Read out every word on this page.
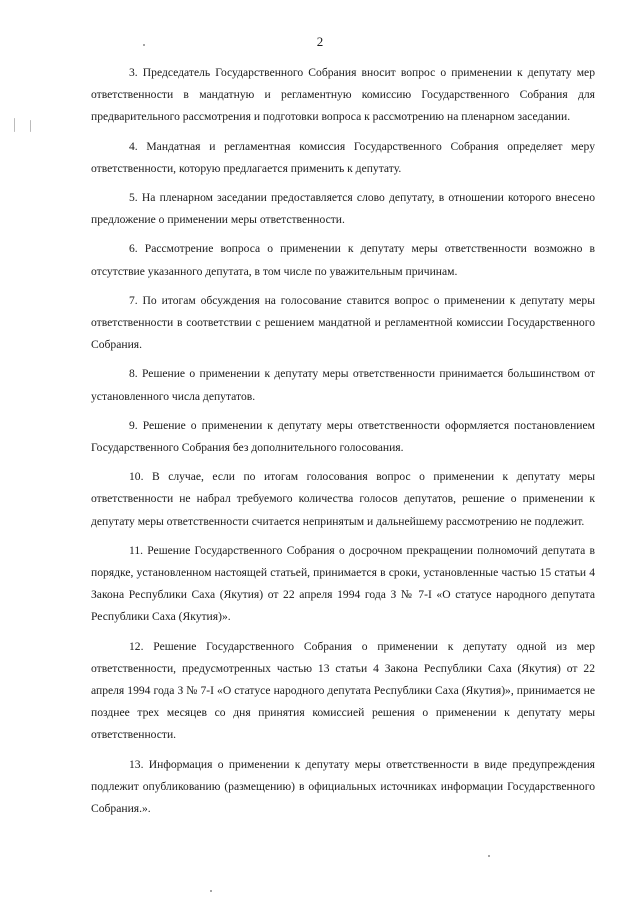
2

3. Председатель Государственного Собрания вносит вопрос о применении к депутату мер ответственности в мандатную и регламентную комиссию Государственного Собрания для предварительного рассмотрения и подготовки вопроса к рассмотрению на пленарном заседании.

4. Мандатная и регламентная комиссия Государственного Собрания определяет меру ответственности, которую предлагается применить к депутату.

5. На пленарном заседании предоставляется слово депутату, в отношении которого внесено предложение о применении меры ответственности.

6. Рассмотрение вопроса о применении к депутату меры ответственности возможно в отсутствие указанного депутата, в том числе по уважительным причинам.

7. По итогам обсуждения на голосование ставится вопрос о применении к депутату меры ответственности в соответствии с решением мандатной и регламентной комиссии Государственного Собрания.

8. Решение о применении к депутату меры ответственности принимается большинством от установленного числа депутатов.

9. Решение о применении к депутату меры ответственности оформляется постановлением Государственного Собрания без дополнительного голосования.

10. В случае, если по итогам голосования вопрос о применении к депутату меры ответственности не набрал требуемого количества голосов депутатов, решение о применении к депутату меры ответственности считается непринятым и дальнейшему рассмотрению не подлежит.

11. Решение Государственного Собрания о досрочном прекращении полномочий депутата в порядке, установленном настоящей статьей, принимается в сроки, установленные частью 15 статьи 4 Закона Республики Саха (Якутия) от 22 апреля 1994 года З № 7-I «О статусе народного депутата Республики Саха (Якутия)».

12. Решение Государственного Собрания о применении к депутату одной из мер ответственности, предусмотренных частью 13 статьи 4 Закона Республики Саха (Якутия) от 22 апреля 1994 года З № 7-I «О статусе народного депутата Республики Саха (Якутия)», принимается не позднее трех месяцев со дня принятия комиссией решения о применении к депутату меры ответственности.

13. Информация о применении к депутату меры ответственности в виде предупреждения подлежит опубликованию (размещению) в официальных источниках информации Государственного Собрания.».
